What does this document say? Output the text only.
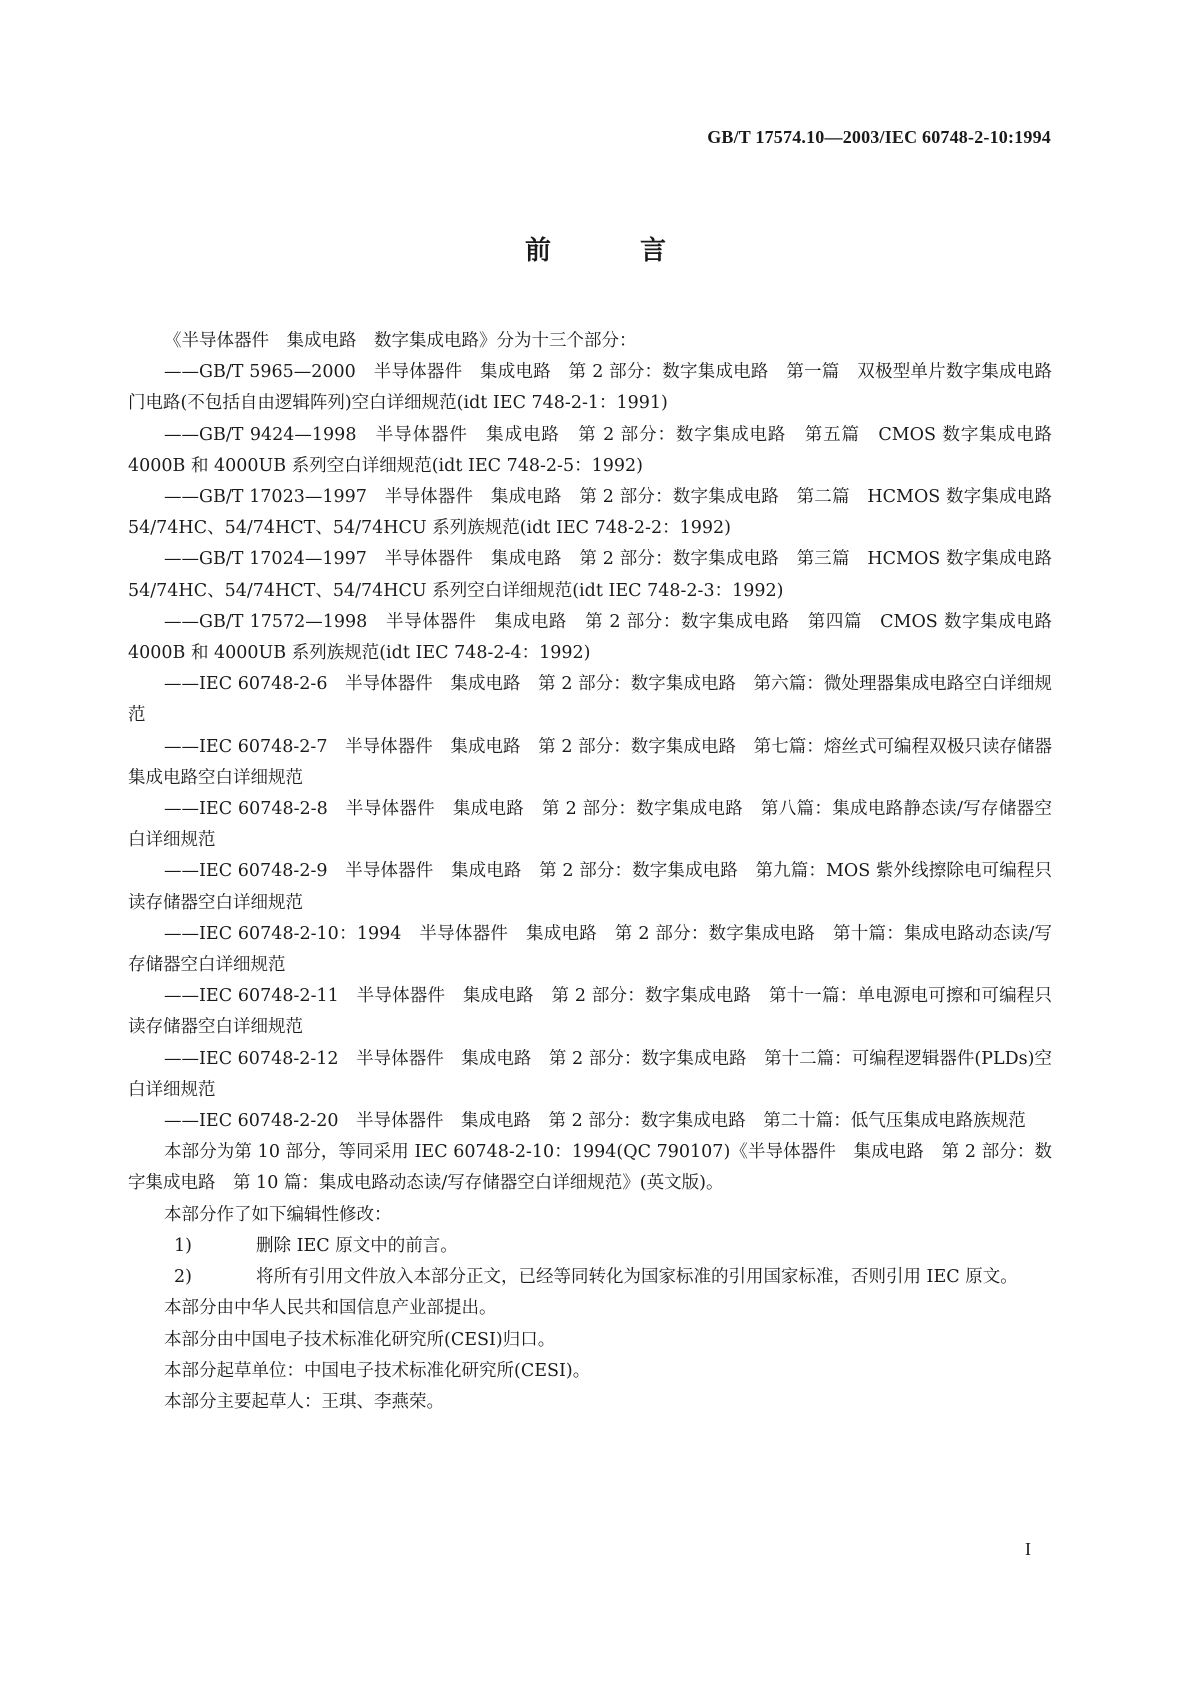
GB/T 17574.10—2003/IEC 60748-2-10:1994
前 言

《半导体器件　集成电路　数字集成电路》分为十三个部分：

——GB/T 5965—2000　半导体器件　集成电路　第 2 部分：数字集成电路　第一篇　双极型单片数字集成电路门电路(不包括自由逻辑阵列)空白详细规范(idt IEC 748-2-1：1991)

——GB/T 9424—1998　半导体器件　集成电路　第 2 部分：数字集成电路　第五篇　CMOS 数字集成电路 4000B 和 4000UB 系列空白详细规范(idt IEC 748-2-5：1992)

——GB/T 17023—1997　半导体器件　集成电路　第 2 部分：数字集成电路　第二篇　HCMOS 数字集成电路 54/74HC、54/74HCT、54/74HCU 系列族规范(idt IEC 748-2-2：1992)

——GB/T 17024—1997　半导体器件　集成电路　第 2 部分：数字集成电路　第三篇　HCMOS 数字集成电路 54/74HC、54/74HCT、54/74HCU 系列空白详细规范(idt IEC 748-2-3：1992)

——GB/T 17572—1998　半导体器件　集成电路　第 2 部分：数字集成电路　第四篇　CMOS 数字集成电路　4000B 和 4000UB 系列族规范(idt IEC 748-2-4：1992)

——IEC 60748-2-6　半导体器件　集成电路　第 2 部分：数字集成电路　第六篇：微处理器集成电路空白详细规范

——IEC 60748-2-7　半导体器件　集成电路　第 2 部分：数字集成电路　第七篇：熔丝式可编程双极只读存储器集成电路空白详细规范

——IEC 60748-2-8　半导体器件　集成电路　第 2 部分：数字集成电路　第八篇：集成电路静态读/写存储器空白详细规范

——IEC 60748-2-9　半导体器件　集成电路　第 2 部分：数字集成电路　第九篇：MOS 紫外线擦除电可编程只读存储器空白详细规范

——IEC 60748-2-10：1994　半导体器件　集成电路　第 2 部分：数字集成电路　第十篇：集成电路动态读/写存储器空白详细规范

——IEC 60748-2-11　半导体器件　集成电路　第 2 部分：数字集成电路　第十一篇：单电源电可擦和可编程只读存储器空白详细规范

——IEC 60748-2-12　半导体器件　集成电路　第 2 部分：数字集成电路　第十二篇：可编程逻辑器件(PLDs)空白详细规范

——IEC 60748-2-20　半导体器件　集成电路　第 2 部分：数字集成电路　第二十篇：低气压集成电路族规范

本部分为第 10 部分，等同采用 IEC 60748-2-10：1994(QC 790107)《半导体器件　集成电路　第 2 部分：数字集成电路　第 10 篇：集成电路动态读/写存储器空白详细规范》(英文版)。

本部分作了如下编辑性修改：

1)	删除 IEC 原文中的前言。
2)	将所有引用文件放入本部分正文，已经等同转化为国家标准的引用国家标准，否则引用 IEC 原文。

本部分由中华人民共和国信息产业部提出。

本部分由中国电子技术标准化研究所(CESI)归口。

本部分起草单位：中国电子技术标准化研究所(CESI)。

本部分主要起草人：王琪、李燕荣。

I
